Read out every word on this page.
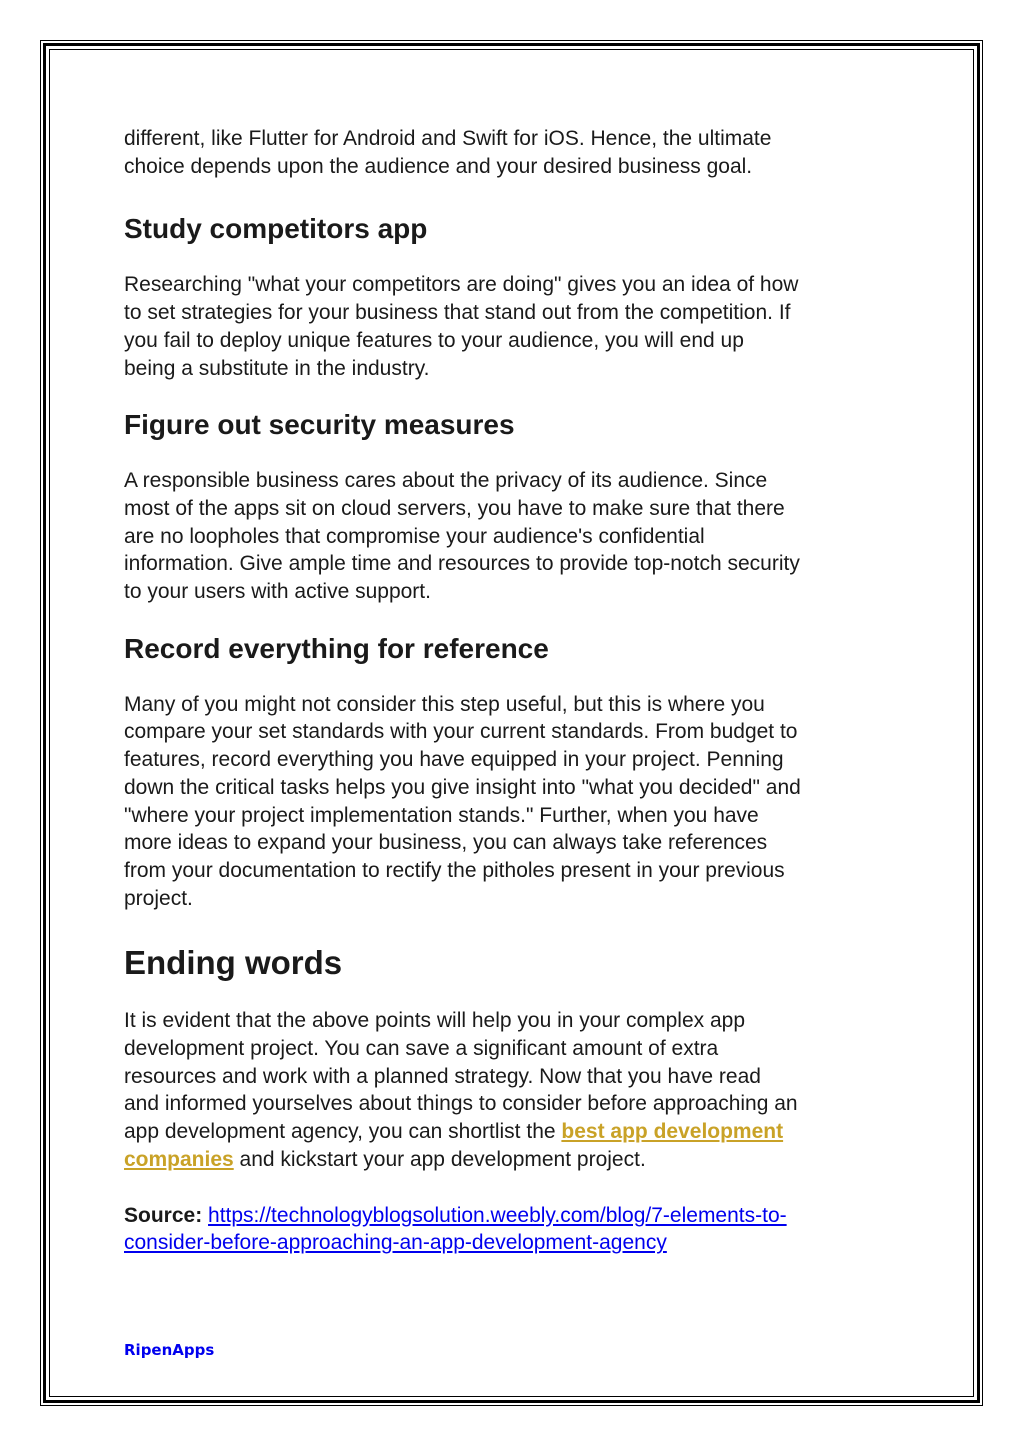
different, like Flutter for Android and Swift for iOS. Hence, the ultimate
choice depends upon the audience and your desired business goal.

Study competitors app

Researching "what your competitors are doing" gives you an idea of how
to set strategies for your business that stand out from the competition. If
you fail to deploy unique features to your audience, you will end up
being a substitute in the industry.

Figure out security measures

A responsible business cares about the privacy of its audience. Since
most of the apps sit on cloud servers, you have to make sure that there
are no loopholes that compromise your audience's confidential
information. Give ample time and resources to provide top-notch security
to your users with active support.

Record everything for reference

Many of you might not consider this step useful, but this is where you
compare your set standards with your current standards. From budget to
features, record everything you have equipped in your project. Penning
down the critical tasks helps you give insight into "what you decided" and
"where your project implementation stands." Further, when you have
more ideas to expand your business, you can always take references
from your documentation to rectify the pitholes present in your previous
project.

Ending words

It is evident that the above points will help you in your complex app
development project. You can save a significant amount of extra
resources and work with a planned strategy. Now that you have read
and informed yourselves about things to consider before approaching an
app development agency, you can shortlist the best app development
companies and kickstart your app development project.

Source: https://technologyblogsolution.weebly.com/blog/7-elements-to-
consider-before-approaching-an-app-development-agency

RipenApps
